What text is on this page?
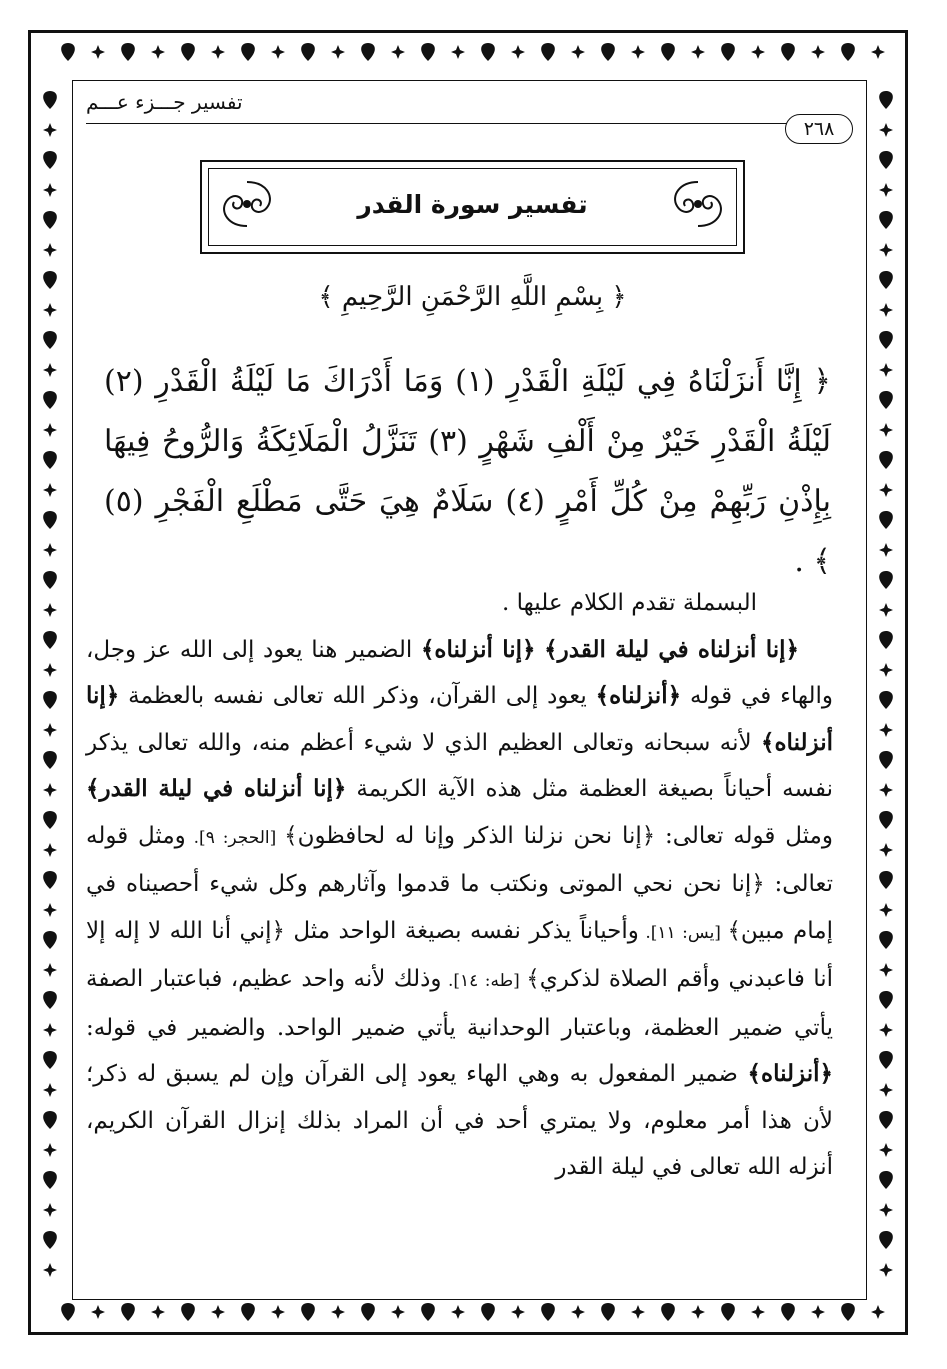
تفسير جـــزء عـــم
٢٦٨
تفسير سورة القدر
﴿ بِسْمِ اللَّهِ الرَّحْمَنِ الرَّحِيمِ ﴾
﴿ إِنَّا أَنزَلْنَاهُ فِي لَيْلَةِ الْقَدْرِ (١) وَمَا أَدْرَاكَ مَا لَيْلَةُ الْقَدْرِ (٢) لَيْلَةُ الْقَدْرِ خَيْرٌ مِنْ أَلْفِ شَهْرٍ (٣) تَنَزَّلُ الْمَلَائِكَةُ وَالرُّوحُ فِيهَا بِإِذْنِ رَبِّهِمْ مِنْ كُلِّ أَمْرٍ (٤) سَلَامٌ هِيَ حَتَّى مَطْلَعِ الْفَجْرِ (٥) ﴾ .

البسملة تقدم الكلام عليها .

﴿إنا أنزلناه في ليلة القدر﴾ ﴿إنا أنزلناه﴾ الضمير هنا يعود إلى الله عز وجل، والهاء في قوله ﴿أنزلناه﴾ يعود إلى القرآن، وذكر الله تعالى نفسه بالعظمة ﴿إنا أنزلناه﴾ لأنه سبحانه وتعالى العظيم الذي لا شيء أعظم منه، والله تعالى يذكر نفسه أحياناً بصيغة العظمة مثل هذه الآية الكريمة ﴿إنا أنزلناه في ليلة القدر﴾ ومثل قوله تعالى: ﴿إنا نحن نزلنا الذكر وإنا له لحافظون﴾ [الحجر: ٩]. ومثل قوله تعالى: ﴿إنا نحن نحي الموتى ونكتب ما قدموا وآثارهم وكل شيء أحصيناه في إمام مبين﴾ [يس: ١١]. وأحياناً يذكر نفسه بصيغة الواحد مثل ﴿إني أنا الله لا إله إلا أنا فاعبدني وأقم الصلاة لذكري﴾ [طه: ١٤]. وذلك لأنه واحد عظيم، فباعتبار الصفة يأتي ضمير العظمة، وباعتبار الوحدانية يأتي ضمير الواحد. والضمير في قوله: ﴿أنزلناه﴾ ضمير المفعول به وهي الهاء يعود إلى القرآن وإن لم يسبق له ذكر؛ لأن هذا أمر معلوم، ولا يمتري أحد في أن المراد بذلك إنزال القرآن الكريم، أنزله الله تعالى في ليلة القدر
